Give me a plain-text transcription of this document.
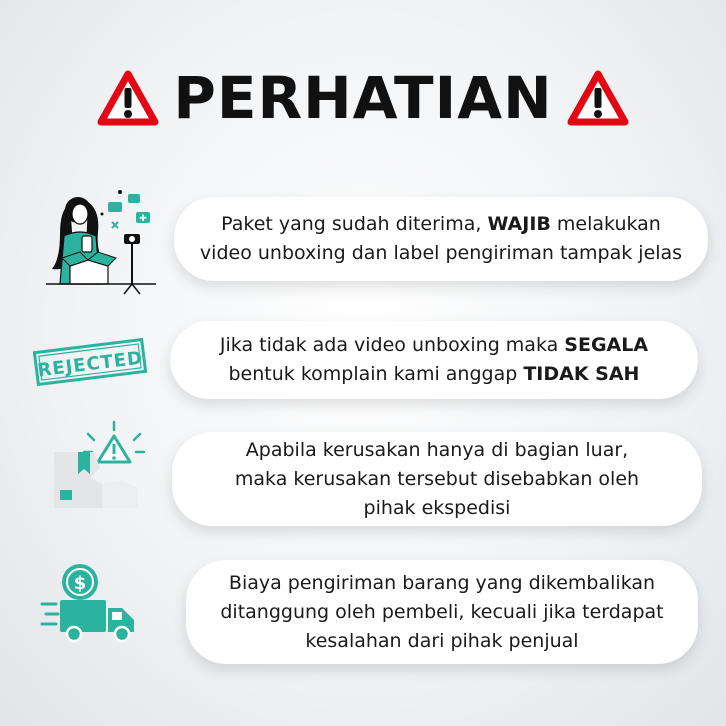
PERHATIAN
✚	Paket yang sudah diterima, WAJIB melakukan
video unboxing dan label pengiriman tampak jelas
REJECTED
Jika tidak ada video unboxing maka SEGALA
bentuk komplain kami anggap TIDAK SAH
Apabila kerusakan hanya di bagian luar,
maka kerusakan tersebut disebabkan oleh
pihak ekspedisi
$	Biaya pengiriman barang yang dikembalikan
ditanggung oleh pembeli, kecuali jika terdapat
kesalahan dari pihak penjual
